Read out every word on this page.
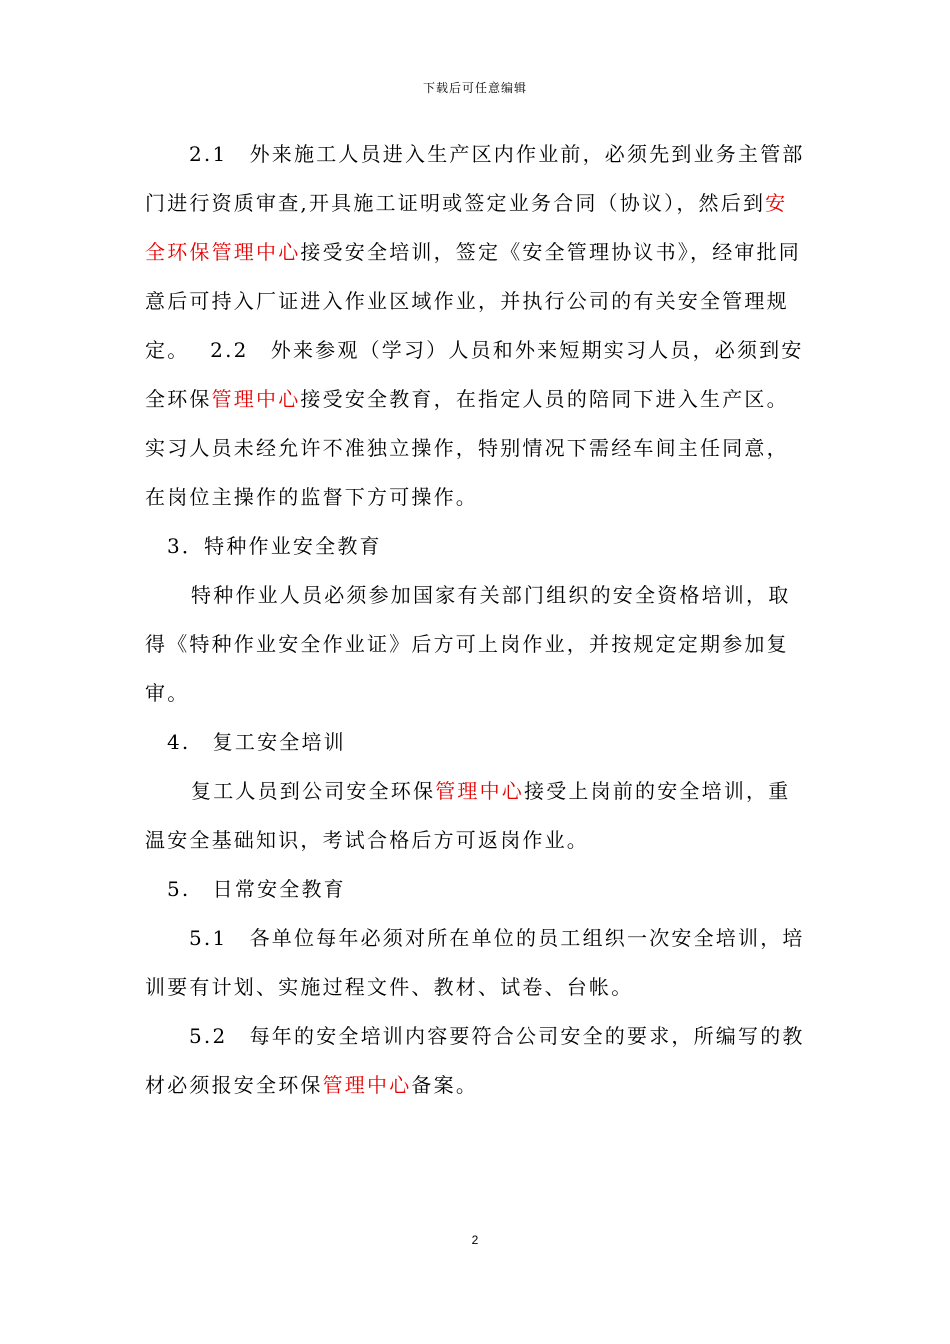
下载后可任意编辑

2.1　外来施工人员进入生产区内作业前，必须先到业务主管部门进行资质审查,开具施工证明或签定业务合同（协议），然后到安全环保管理中心接受安全培训，签定《安全管理协议书》，经审批同意后可持入厂证进入作业区域作业，并执行公司的有关安全管理规定。　 2.2　外来参观（学习）人员和外来短期实习人员，必须到安全环保管理中心接受安全教育，在指定人员的陪同下进入生产区。实习人员未经允许不准独立操作，特别情况下需经车间主任同意，在岗位主操作的监督下方可操作。

3．特种作业安全教育

特种作业人员必须参加国家有关部门组织的安全资格培训，取得《特种作业安全作业证》后方可上岗作业，并按规定定期参加复审。

4.　复工安全培训

复工人员到公司安全环保管理中心接受上岗前的安全培训，重温安全基础知识，考试合格后方可返岗作业。

5.　日常安全教育

5.1　各单位每年必须对所在单位的员工组织一次安全培训，培训要有计划、实施过程文件、教材、试卷、台帐。

5.2　每年的安全培训内容要符合公司安全的要求，所编写的教材必须报安全环保管理中心备案。

2
